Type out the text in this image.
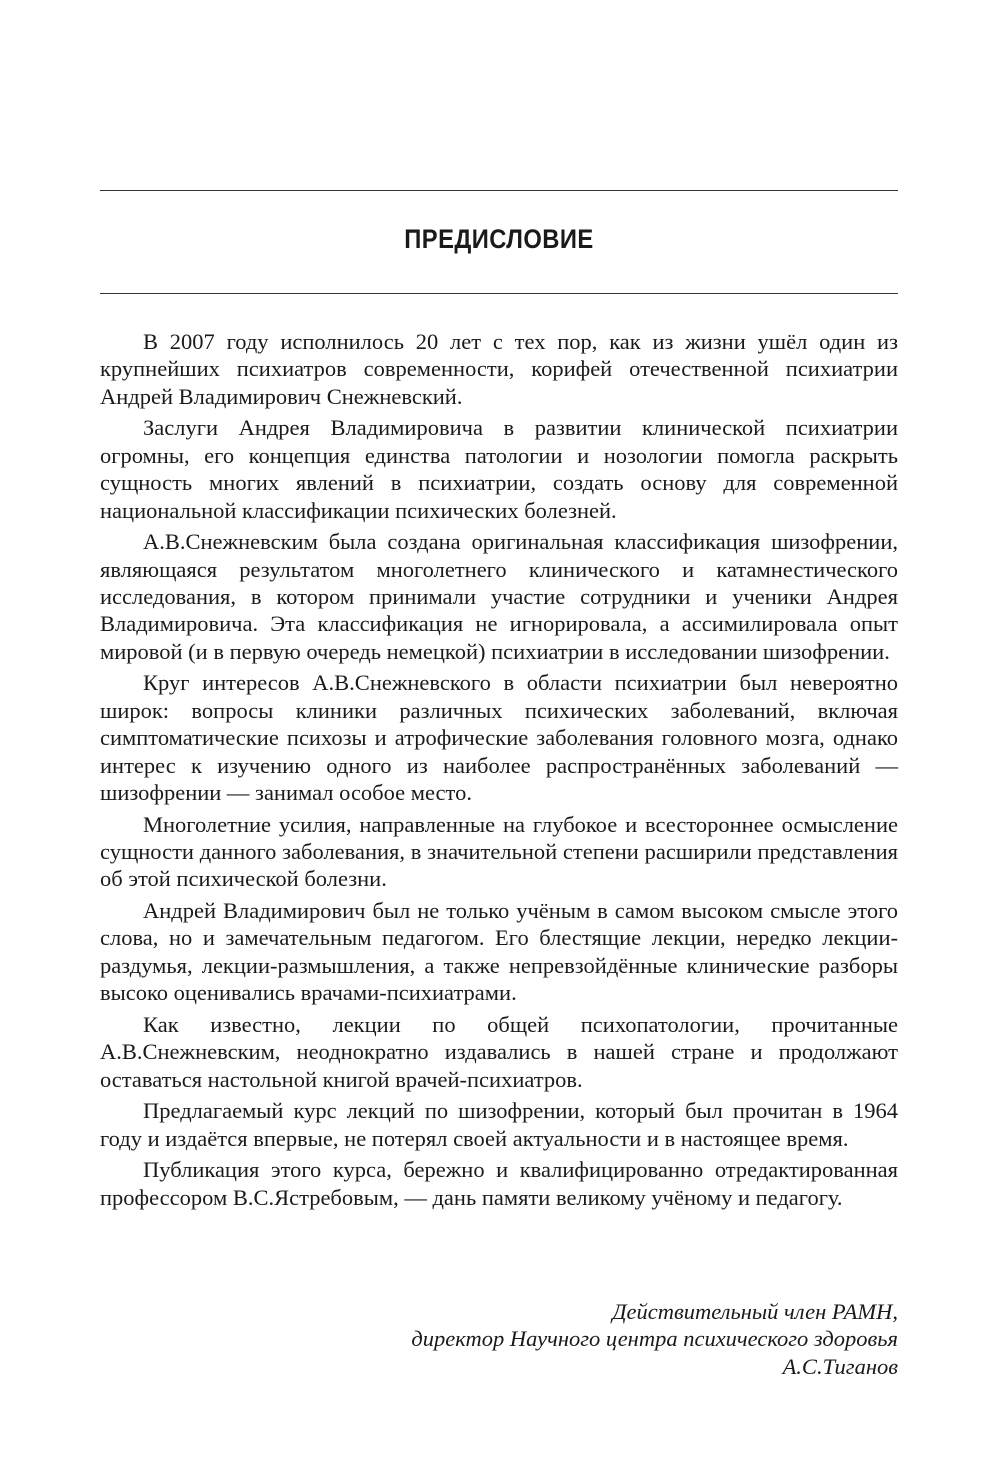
ПРЕДИСЛОВИЕ

В 2007 году исполнилось 20 лет с тех пор, как из жизни ушёл один из крупнейших психиатров современности, корифей отечественной психиатрии Андрей Владимирович Снежневский.

Заслуги Андрея Владимировича в развитии клинической психиатрии огромны, его концепция единства патологии и нозологии помогла раскрыть сущность многих явлений в психиатрии, создать основу для современной национальной классификации психических болезней.

А.В.Снежневским была создана оригинальная классификация шизофрении, являющаяся результатом многолетнего клинического и катамнестического исследования, в котором принимали участие сотрудники и ученики Андрея Владимировича. Эта классификация не игнорировала, а ассимилировала опыт мировой (и в первую очередь немецкой) психиатрии в исследовании шизофрении.

Круг интересов А.В.Снежневского в области психиатрии был невероятно широк: вопросы клиники различных психических заболеваний, включая симптоматические психозы и атрофические заболевания головного мозга, однако интерес к изучению одного из наиболее распространённых заболеваний — шизофрении — занимал особое место.

Многолетние усилия, направленные на глубокое и всестороннее осмысление сущности данного заболевания, в значительной степени расширили представления об этой психической болезни.

Андрей Владимирович был не только учёным в самом высоком смысле этого слова, но и замечательным педагогом. Его блестящие лекции, нередко лекции-раздумья, лекции-размышления, а также непревзойдённые клинические разборы высоко оценивались врачами-психиатрами.

Как известно, лекции по общей психопатологии, прочитанные А.В.Снежневским, неоднократно издавались в нашей стране и продолжают оставаться настольной книгой врачей-психиатров.

Предлагаемый курс лекций по шизофрении, который был прочитан в 1964 году и издаётся впервые, не потерял своей актуальности и в настоящее время.

Публикация этого курса, бережно и квалифицированно отредактированная профессором В.С.Ястребовым, — дань памяти великому учёному и педагогу.

Действительный член РАМН,
директор Научного центра психического здоровья
А.С.Тиганов
